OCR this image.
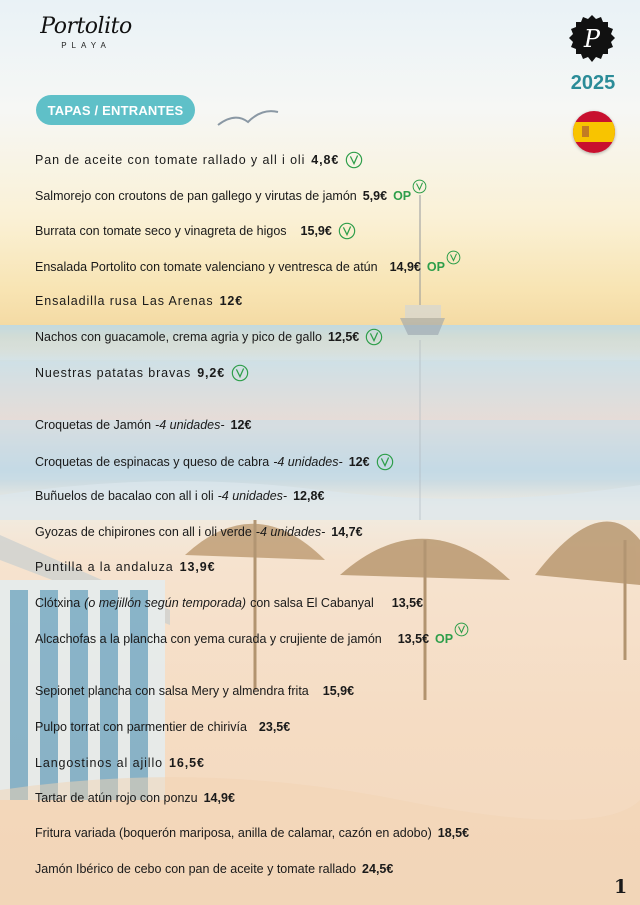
Portolito
PLAYA	P
2025
TAPAS / ENTRANTES
Pan de aceite con tomate rallado y all i oli 4,8€
Salmorejo con croutons de pan gallego y virutas de jamón 5,9€ OP
Burrata con tomate seco y vinagreta de higos 15,9€
Ensalada Portolito con tomate valenciano y ventresca de atún 14,9€ OP
Ensaladilla rusa Las Arenas 12€
Nachos con guacamole, crema agria y pico de gallo 12,5€
Nuestras patatas bravas 9,2€
Croquetas de Jamón -4 unidades- 12€
Croquetas de espinacas y queso de cabra -4 unidades- 12€
Buñuelos de bacalao con all i oli -4 unidades- 12,8€
Gyozas de chipirones con all i oli verde -4 unidades- 14,7€
Puntilla a la andaluza 13,9€
Clótxina (o mejillón según temporada) con salsa El Cabanyal 13,5€
Alcachofas a la plancha con yema curada y crujiente de jamón 13,5€ OP
Sepionet plancha con salsa Mery y almendra frita 15,9€
Pulpo torrat con parmentier de chirivía 23,5€
Langostinos al ajillo 16,5€
Tartar de atún rojo con ponzu 14,9€
Fritura variada (boquerón mariposa, anilla de calamar, cazón en adobo) 18,5€
Jamón Ibérico de cebo con pan de aceite y tomate rallado 24,5€
1
